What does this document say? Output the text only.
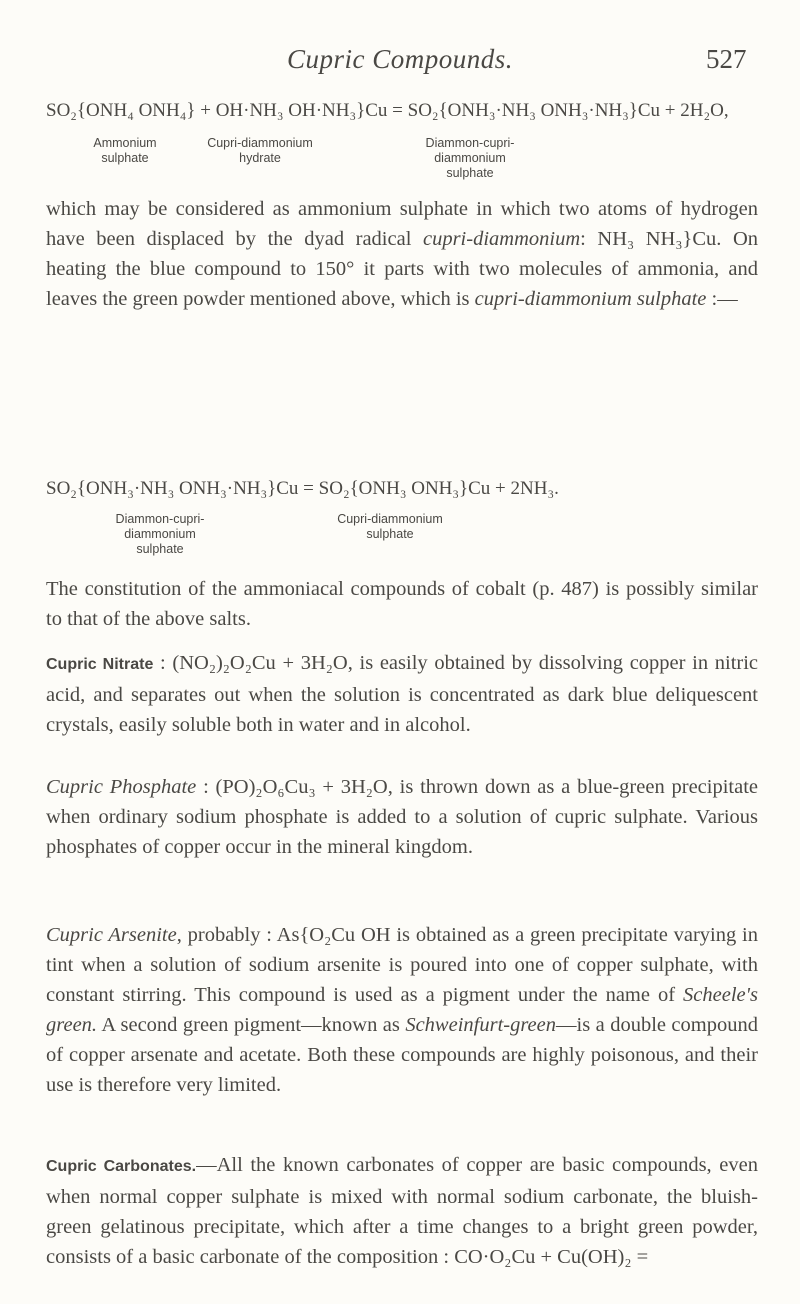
Cupric Compounds.	527
SO₂{ONH₄ ONH₄} + OH·NH₃ OH·NH₃}Cu = SO₂{ONH₃·NH₃ ONH₃·NH₃}Cu + 2H₂O,
Ammonium
sulphate
Cupri-diammonium
hydrate
Diammon-cupri-
diammonium
sulphate
which may be considered as ammonium sulphate in which two atoms of hydrogen have been displaced by the dyad radical cupri-diammonium: NH₃ NH₃}Cu. On heating the blue compound to 150° it parts with two molecules of ammonia, and leaves the green powder mentioned above, which is cupri-diammonium sulphate :—
SO₂{ONH₃·NH₃ ONH₃·NH₃}Cu = SO₂{ONH₃ ONH₃}Cu + 2NH₃.
Diammon-cupri-
diammonium
sulphate
Cupri-diammonium
sulphate
The constitution of the ammoniacal compounds of cobalt (p. 487) is possibly similar to that of the above salts.
Cupric Nitrate : (NO₂)₂O₂Cu + 3H₂O, is easily obtained by dissolving copper in nitric acid, and separates out when the solution is concentrated as dark blue deliquescent crystals, easily soluble both in water and in alcohol.
Cupric Phosphate : (PO)₂O₆Cu₃ + 3H₂O, is thrown down as a blue-green precipitate when ordinary sodium phosphate is added to a solution of cupric sulphate. Various phosphates of copper occur in the mineral kingdom.
Cupric Arsenite, probably : As{O₂Cu OH is obtained as a green precipitate varying in tint when a solution of sodium arsenite is poured into one of copper sulphate, with constant stirring. This compound is used as a pigment under the name of Scheele's green. A second green pigment—known as Schweinfurt-green—is a double compound of copper arsenate and acetate. Both these compounds are highly poisonous, and their use is therefore very limited.
Cupric Carbonates.—All the known carbonates of copper are basic compounds, even when normal copper sulphate is mixed with normal sodium carbonate, the bluish-green gelatinous precipitate, which after a time changes to a bright green powder, consists of a basic carbonate of the composition : CO·O₂Cu + Cu(OH)₂ =
